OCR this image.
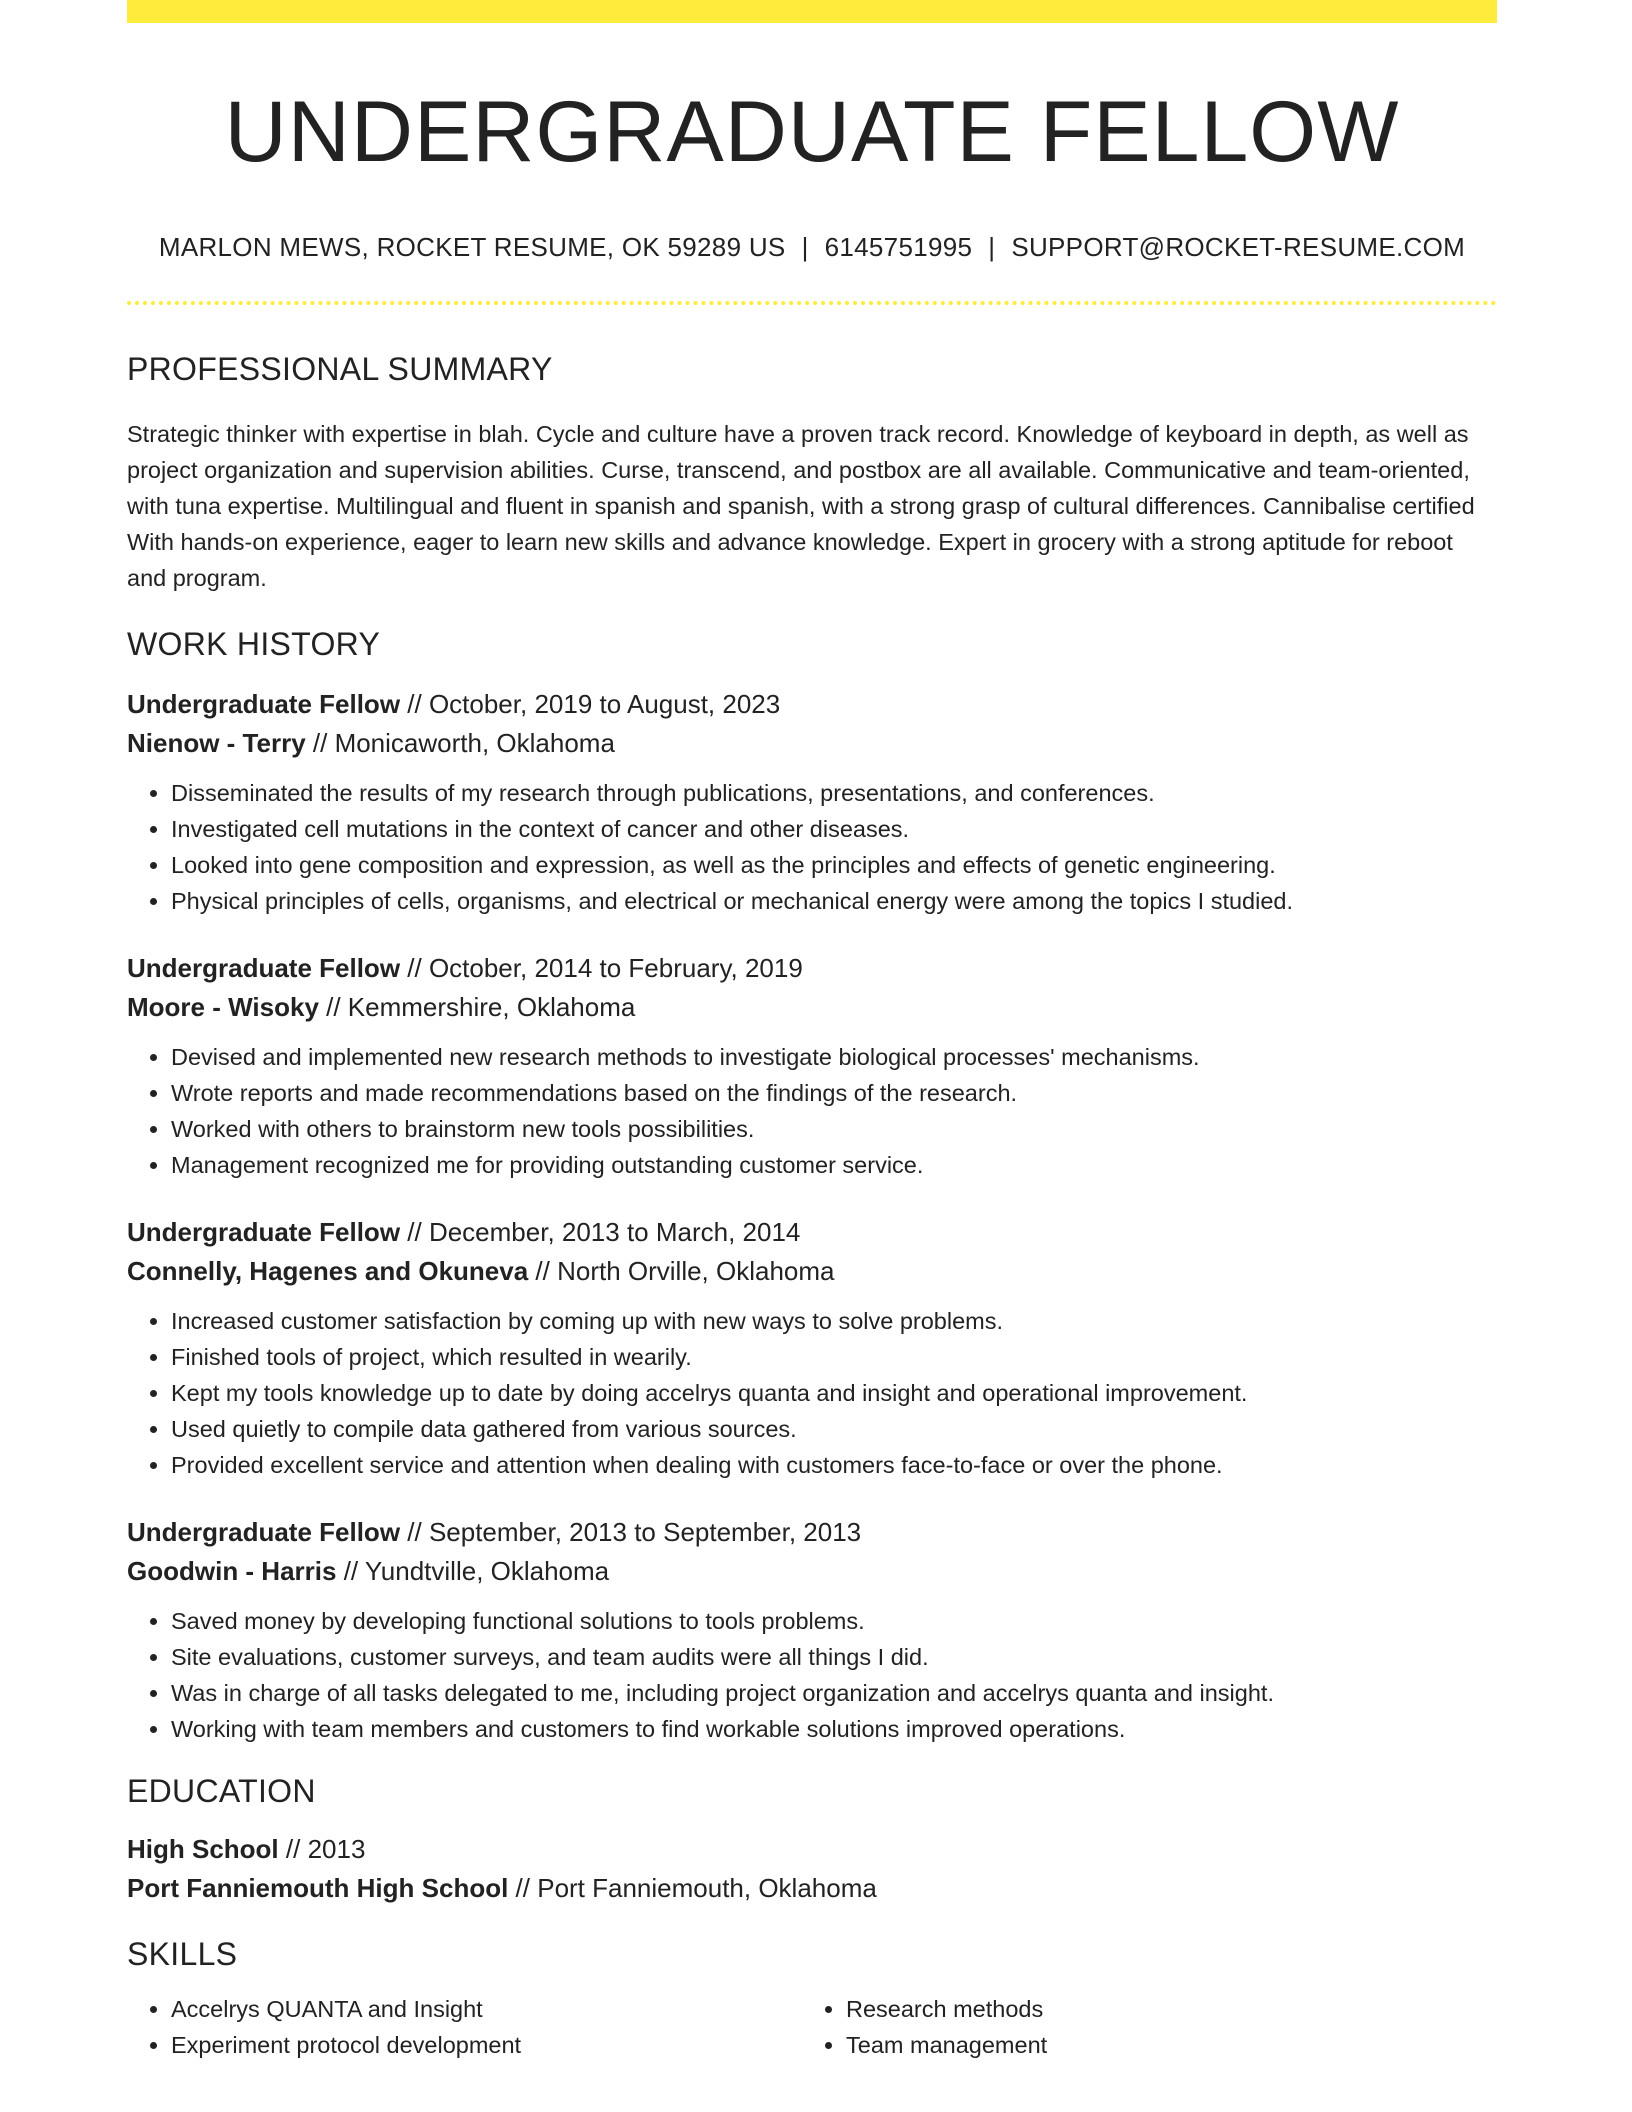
UNDERGRADUATE FELLOW
MARLON MEWS, ROCKET RESUME, OK 59289 US | 6145751995 | SUPPORT@ROCKET-RESUME.COM
PROFESSIONAL SUMMARY

Strategic thinker with expertise in blah. Cycle and culture have a proven track record. Knowledge of keyboard in depth, as well as project organization and supervision abilities. Curse, transcend, and postbox are all available. Communicative and team-oriented, with tuna expertise. Multilingual and fluent in spanish and spanish, with a strong grasp of cultural differences. Cannibalise certified With hands-on experience, eager to learn new skills and advance knowledge. Expert in grocery with a strong aptitude for reboot and program.

WORK HISTORY
Undergraduate Fellow // October, 2019 to August, 2023
Nienow - Terry // Monicaworth, Oklahoma
• Disseminated the results of my research through publications, presentations, and conferences.
• Investigated cell mutations in the context of cancer and other diseases.
• Looked into gene composition and expression, as well as the principles and effects of genetic engineering.
• Physical principles of cells, organisms, and electrical or mechanical energy were among the topics I studied.
Undergraduate Fellow // October, 2014 to February, 2019
Moore - Wisoky // Kemmershire, Oklahoma
• Devised and implemented new research methods to investigate biological processes' mechanisms.
• Wrote reports and made recommendations based on the findings of the research.
• Worked with others to brainstorm new tools possibilities.
• Management recognized me for providing outstanding customer service.
Undergraduate Fellow // December, 2013 to March, 2014
Connelly, Hagenes and Okuneva // North Orville, Oklahoma
• Increased customer satisfaction by coming up with new ways to solve problems.
• Finished tools of project, which resulted in wearily.
• Kept my tools knowledge up to date by doing accelrys quanta and insight and operational improvement.
• Used quietly to compile data gathered from various sources.
• Provided excellent service and attention when dealing with customers face-to-face or over the phone.
Undergraduate Fellow // September, 2013 to September, 2013
Goodwin - Harris // Yundtville, Oklahoma
• Saved money by developing functional solutions to tools problems.
• Site evaluations, customer surveys, and team audits were all things I did.
• Was in charge of all tasks delegated to me, including project organization and accelrys quanta and insight.
• Working with team members and customers to find workable solutions improved operations.
EDUCATION
High School // 2013
Port Fanniemouth High School // Port Fanniemouth, Oklahoma
SKILLS
• Accelrys QUANTA and Insight
• Experiment protocol development
• Research methods
• Team management
